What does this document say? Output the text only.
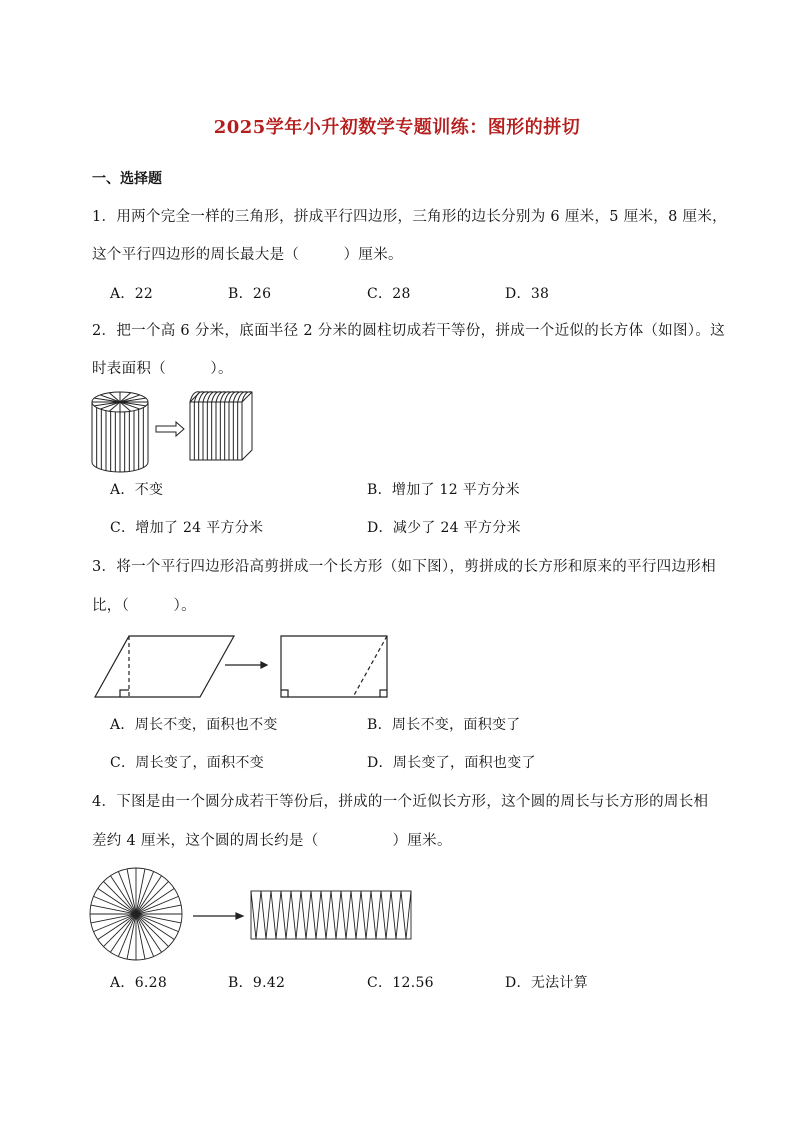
2025学年小升初数学专题训练：图形的拼切
一、选择题
1．用两个完全一样的三角形，拼成平行四边形，三角形的边长分别为 6 厘米，5 厘米，8 厘米，
这个平行四边形的周长最大是（　　　）厘米。
A．22	B．26	C．28	D．38
2．把一个高 6 分米，底面半径 2 分米的圆柱切成若干等份，拼成一个近似的长方体（如图）。这
时表面积（　　　）。
A．不变	B．增加了 12 平方分米
C．增加了 24 平方分米	D．减少了 24 平方分米
3．将一个平行四边形沿高剪拼成一个长方形（如下图），剪拼成的长方形和原来的平行四边形相
比，（　　　）。
A．周长不变，面积也不变	B．周长不变，面积变了
C．周长变了，面积不变	D．周长变了，面积也变了
4．下图是由一个圆分成若干等份后，拼成的一个近似长方形，这个圆的周长与长方形的周长相
差约 4 厘米，这个圆的周长约是（　　　　　）厘米。
A．6.28	B．9.42	C．12.56	D．无法计算
